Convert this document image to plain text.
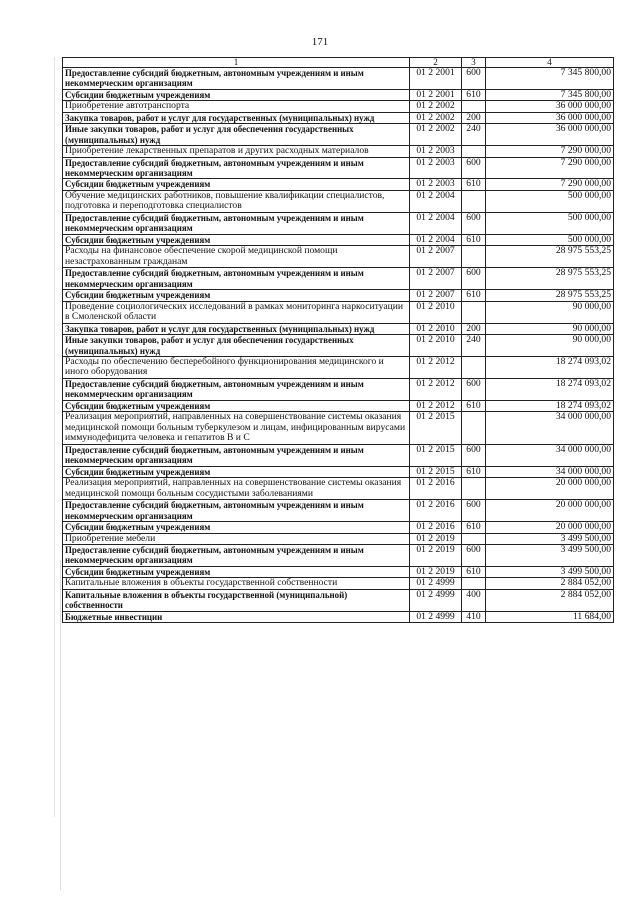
171
1	2	3	4
Предоставление субсидий бюджетным, автономным учреждениям и иным некоммерческим организациям	01 2 2001	600	7 345 800,00
Субсидии бюджетным учреждениям	01 2 2001	610	7 345 800,00
Приобретение автотранспорта	01 2 2002		36 000 000,00
Закупка товаров, работ и услуг для государственных (муниципальных) нужд	01 2 2002	200	36 000 000,00
Иные закупки товаров, работ и услуг для обеспечения государственных (муниципальных) нужд	01 2 2002	240	36 000 000,00
Приобретение лекарственных препаратов и других расходных материалов	01 2 2003		7 290 000,00
Предоставление субсидий бюджетным, автономным учреждениям и иным некоммерческим организациям	01 2 2003	600	7 290 000,00
Субсидии бюджетным учреждениям	01 2 2003	610	7 290 000,00
Обучение медицинских работников, повышение квалификации специалистов, подготовка и переподготовка специалистов	01 2 2004		500 000,00
Предоставление субсидий бюджетным, автономным учреждениям и иным некоммерческим организациям	01 2 2004	600	500 000,00
Субсидии бюджетным учреждениям	01 2 2004	610	500 000,00
Расходы на финансовое обеспечение скорой медицинской помощи незастрахованным гражданам	01 2 2007		28 975 553,25
Предоставление субсидий бюджетным, автономным учреждениям и иным некоммерческим организациям	01 2 2007	600	28 975 553,25
Субсидии бюджетным учреждениям	01 2 2007	610	28 975 553,25
Проведение социологических исследований в рамках мониторинга наркоситуации в Смоленской области	01 2 2010		90 000,00
Закупка товаров, работ и услуг для государственных (муниципальных) нужд	01 2 2010	200	90 000,00
Иные закупки товаров, работ и услуг для обеспечения государственных (муниципальных) нужд	01 2 2010	240	90 000,00
Расходы по обеспечению бесперебойного функционирования медицинского и иного оборудования	01 2 2012		18 274 093,02
Предоставление субсидий бюджетным, автономным учреждениям и иным некоммерческим организациям	01 2 2012	600	18 274 093,02
Субсидии бюджетным учреждениям	01 2 2012	610	18 274 093,02
Реализация мероприятий, направленных на совершенствование системы оказания медицинской помощи больным туберкулезом и лицам, инфицированным вирусами иммунодефицита человека и гепатитов В и С	01 2 2015		34 000 000,00
Предоставление субсидий бюджетным, автономным учреждениям и иным некоммерческим организациям	01 2 2015	600	34 000 000,00
Субсидии бюджетным учреждениям	01 2 2015	610	34 000 000,00
Реализация мероприятий, направленных на совершенствование системы оказания медицинской помощи больным сосудистыми заболеваниями	01 2 2016		20 000 000,00
Предоставление субсидий бюджетным, автономным учреждениям и иным некоммерческим организациям	01 2 2016	600	20 000 000,00
Субсидии бюджетным учреждениям	01 2 2016	610	20 000 000,00
Приобретение мебели	01 2 2019		3 499 500,00
Предоставление субсидий бюджетным, автономным учреждениям и иным некоммерческим организациям	01 2 2019	600	3 499 500,00
Субсидии бюджетным учреждениям	01 2 2019	610	3 499 500,00
Капитальные вложения в объекты государственной собственности	01 2 4999		2 884 052,00
Капитальные вложения в объекты государственной (муниципальной) собственности	01 2 4999	400	2 884 052,00
Бюджетные инвестиции	01 2 4999	410	11 684,00
